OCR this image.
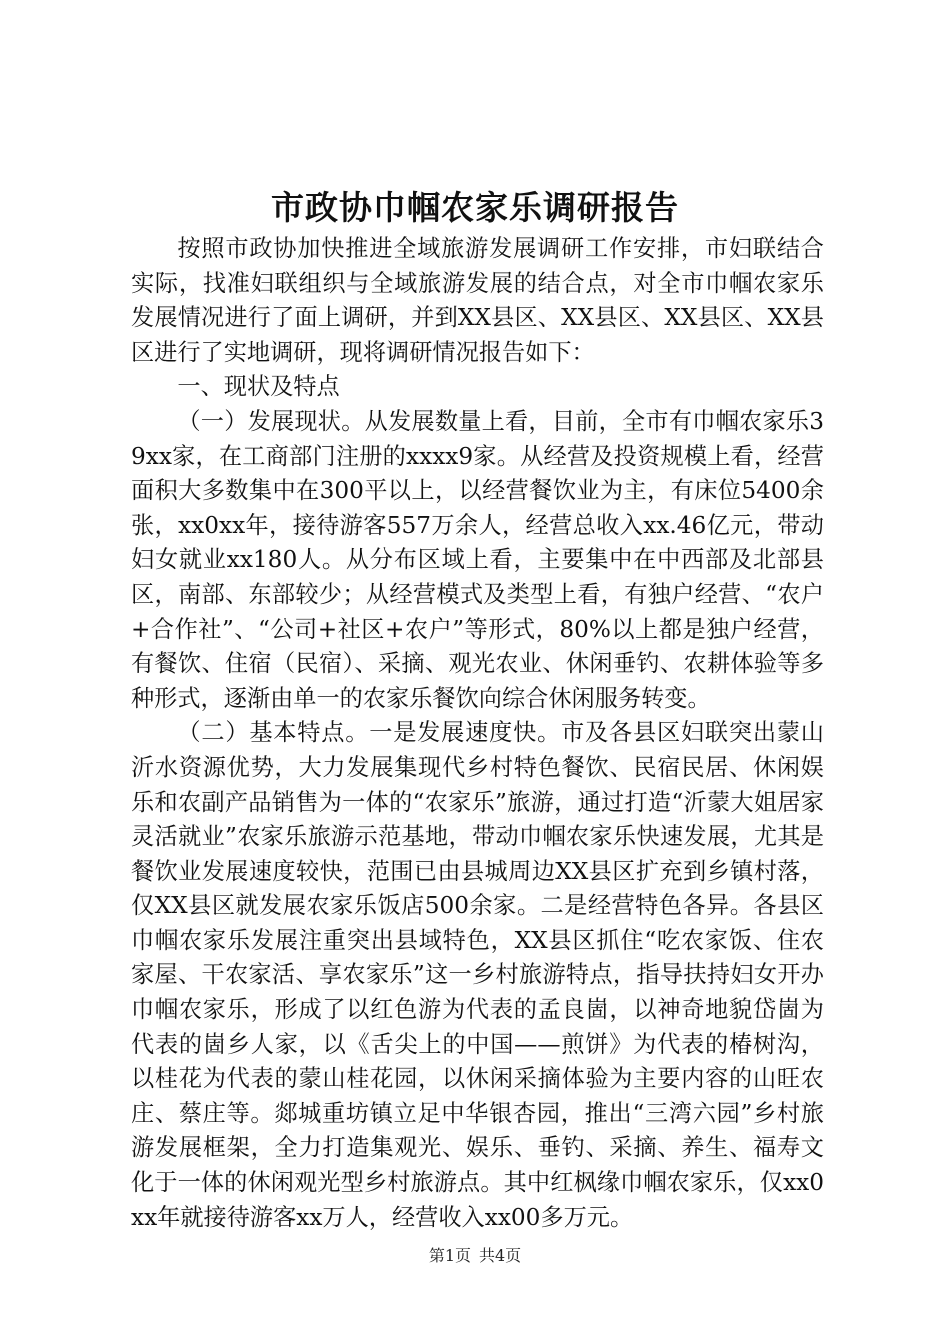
市政协巾帼农家乐调研报告

按照市政协加快推进全域旅游发展调研工作安排，市妇联结合实际，找准妇联组织与全域旅游发展的结合点，对全市巾帼农家乐发展情况进行了面上调研，并到XX县区、XX县区、XX县区、XX县区进行了实地调研，现将调研情况报告如下：

一、现状及特点

（一）发展现状。从发展数量上看，目前，全市有巾帼农家乐39xx家，在工商部门注册的xxxx9家。从经营及投资规模上看，经营面积大多数集中在300平以上，以经营餐饮业为主，有床位5400余张，xx0xx年，接待游客557万余人，经营总收入xx.46亿元，带动妇女就业xx180人。从分布区域上看，主要集中在中西部及北部县区，南部、东部较少；从经营模式及类型上看，有独户经营、“农户+合作社”、“公司+社区+农户”等形式，80%以上都是独户经营，有餐饮、住宿（民宿）、采摘、观光农业、休闲垂钓、农耕体验等多种形式，逐渐由单一的农家乐餐饮向综合休闲服务转变。

（二）基本特点。一是发展速度快。市及各县区妇联突出蒙山沂水资源优势，大力发展集现代乡村特色餐饮、民宿民居、休闲娱乐和农副产品销售为一体的“农家乐”旅游，通过打造“沂蒙大姐居家灵活就业”农家乐旅游示范基地，带动巾帼农家乐快速发展，尤其是餐饮业发展速度较快，范围已由县城周边XX县区扩充到乡镇村落，仅XX县区就发展农家乐饭店500余家。二是经营特色各异。各县区巾帼农家乐发展注重突出县域特色，XX县区抓住“吃农家饭、住农家屋、干农家活、享农家乐”这一乡村旅游特点，指导扶持妇女开办巾帼农家乐，形成了以红色游为代表的孟良崮，以神奇地貌岱崮为代表的崮乡人家，以《舌尖上的中国——煎饼》为代表的椿树沟，以桂花为代表的蒙山桂花园，以休闲采摘体验为主要内容的山旺农庄、蔡庄等。郯城重坊镇立足中华银杏园，推出“三湾六园”乡村旅游发展框架，全力打造集观光、娱乐、垂钓、采摘、养生、福寿文化于一体的休闲观光型乡村旅游点。其中红枫缘巾帼农家乐，仅xx0xx年就接待游客xx万人，经营收入xx00多万元。

第1页 共4页
